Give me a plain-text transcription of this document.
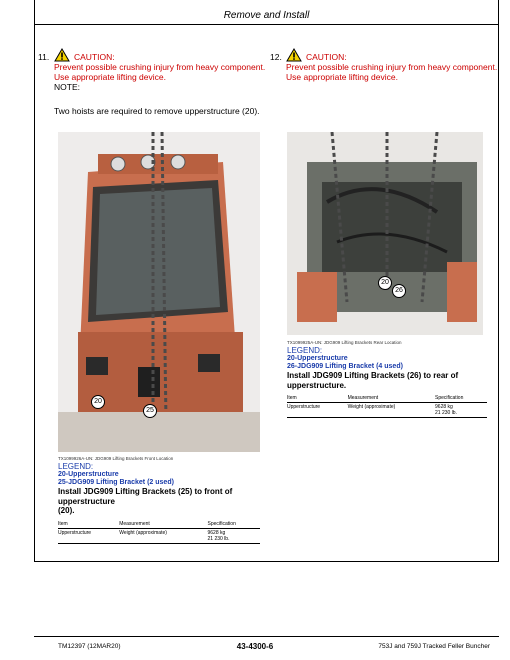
Remove and Install
11.	CAUTION:
Prevent possible crushing injury from heavy component.
Use appropriate lifting device.
NOTE:
Two hoists are required to remove upperstructure (20).
20
25
TX1099926A-UN: JDG909 Lifting Brackets Front Location
LEGEND:
20-Upperstructure
25-JDG909 Lifting Bracket (2 used)
Install JDG909 Lifting Brackets (25) to front of upperstructure
(20).
Item	Measurement	Specification
Upperstructure	Weight (approximate)	9628 kg
21 230 lb.
12.	CAUTION:
Prevent possible crushing injury from heavy component.
Use appropriate lifting device.
20
26
TX1099925A-UN: JDG909 Lifting Brackets Rear Location
LEGEND:
20-Upperstructure
26-JDG909 Lifting Bracket (4 used)
Install JDG909 Lifting Brackets (26) to rear of upperstructure.
Item	Measurement	Specification
Upperstructure	Weight (approximate)	9628 kg
21 230 lb.
TM12397 (12MAR20)	43-4300-6	753J and 759J Tracked Feller Buncher
